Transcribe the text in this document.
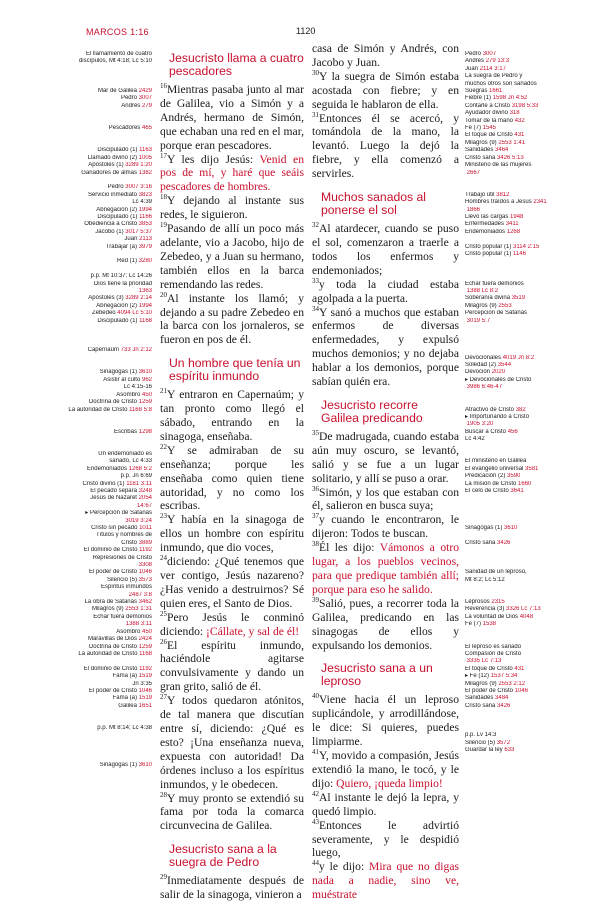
MARCOS 1:16	1120
El llamamiento de cuatro
discípulos, Mt 4:18; Lc 5:10

Mar de Galilea 2429
Pedro 3007
Andrés 279

Pescadores 465

Discipulado (1) 1163
Llamado divino (2) 1005
Apóstoles (1) 3289 1:20
Ganadores de almas 1382

Pedro 3007 3:16
Servicio inmediato 3823
Lc 4:39
Abnegación (2) 1994
Discipulado (1) 1166
Obediencia a Cristo 3853
Jacobo (1) 3017 5:37
Juan 2113
Trabajar (a) 3979

Red (1) 3280

p.p. Mt 10:37; Lc 14:26
Dios tiene la prioridad
1363
Apóstoles (3) 3289 2:14
Abnegación (2) 1994
Zebedeo 4094 Lc 5:10
Discipulado (1) 1168

Capernaúm 733 Jn 2:12

Sinagogas (1) 3610
Asistir al culto 962
Lc 4:15-16
Asombro 450
Doctrina de Cristo 1259
La autoridad de Cristo 1168 5:8

Escribas 1298

Un endemoniado es
sanado, Lc 4:33
Endemoniados 1268 5:2
p.p. Jn 6:69
Cristo divino (1) 1181 3:11
El pecado separa 3248
Jesús de Nazaret 2054
14:67
▸ Percepción de Satanás
3019 3:24
Cristo sin pecado 1011
Títulos y nombres de
Cristo 3889
El dominio de Cristo 1192
Represiones de Cristo
3308
El poder de Cristo 1046
Silencio (5) 3573
Espíritus inmundos
2487 3:8
La obra de Satanás 3462
Milagros (9) 2553 1:31
Echar fuera demonios
1388 3:11
Asombro 450
Maravillas de Dios 2424
Doctrina de Cristo 1259
La autoridad de Cristo 1168

El dominio de Cristo 1192
Fama (a) 1519
Jn 3:35
El poder de Cristo 1046
Fama (a) 1519
Galilea 1651

p.p. Mt 8:14; Lc 4:38

Sinagogas (1) 3610

Jesucristo llama a cuatro pescadores

$^{16}$Mientras pasaba junto al mar de Galilea, vio a Simón y a Andrés, hermano de Simón, que echaban una red en el mar, porque eran pescadores.

$^{17}$Y les dijo Jesús: Venid en pos de mí, y haré que seáis pescadores de hombres.

$^{18}$Y dejando al instante sus redes, le siguieron.

$^{19}$Pasando de allí un poco más adelante, vio a Jacobo, hijo de Zebedeo, y a Juan su hermano, también ellos en la barca remendando las redes.

$^{20}$Al instante los llamó; y dejando a su padre Zebedeo en la barca con los jornaleros, se fueron en pos de él.

Un hombre que tenía un espíritu inmundo

$^{21}$Y entraron en Capernaúm; y tan pronto como llegó el sábado, entrando en la sinagoga, enseñaba.

$^{22}$Y se admiraban de su enseñanza; porque les enseñaba como quien tiene autoridad, y no como los escribas.

$^{23}$Y había en la sinagoga de ellos un hombre con espíritu inmundo, que dio voces,

$^{24}$diciendo: ¿Qué tenemos que ver contigo, Jesús nazareno? ¿Has venido a destruirnos? Sé quien eres, el Santo de Dios.

$^{25}$Pero Jesús le conminó diciendo: ¡Cállate, y sal de él!

$^{26}$El espíritu inmundo, haciéndole agitarse convulsivamente y dando un gran grito, salió de él.

$^{27}$Y todos quedaron atónitos, de tal manera que discutían entre sí, diciendo: ¿Qué es esto? ¡Una enseñanza nueva, expuesta con autoridad! Da órdenes incluso a los espíritus inmundos, y le obedecen.

$^{28}$Y muy pronto se extendió su fama por toda la comarca circunvecina de Galilea.

Jesucristo sana a la suegra de Pedro

$^{29}$Inmediatamente después de salir de la sinagoga, vinieron a

casa de Simón y Andrés, con Jacobo y Juan.

$^{30}$Y la suegra de Simón estaba acostada con fiebre; y en seguida le hablaron de ella.

$^{31}$Entonces él se acercó, y tomándola de la mano, la levantó. Luego la dejó la fiebre, y ella comenzó a servirles.

Muchos sanados al ponerse el sol

$^{32}$Al atardecer, cuando se puso el sol, comenzaron a traerle a todos los enfermos y endemoniados;

$^{33}$y toda la ciudad estaba agolpada a la puerta.

$^{34}$Y sanó a muchos que estaban enfermos de diversas enfermedades, y expulsó muchos demonios; y no dejaba hablar a los demonios, porque sabían quién era.

Jesucristo recorre Galilea predicando

$^{35}$De madrugada, cuando estaba aún muy oscuro, se levantó, salió y se fue a un lugar solitario, y allí se puso a orar.

$^{36}$Simón, y los que estaban con él, salieron en busca suya;

$^{37}$y cuando le encontraron, le dijeron: Todos te buscan.

$^{38}$Él les dijo: Vámonos a otro lugar, a los pueblos vecinos, para que predique también allí; porque para eso he salido.

$^{39}$Salió, pues, a recorrer toda la Galilea, predicando en las sinagogas de ellos y expulsando los demonios.

Jesucristo sana a un leproso

$^{40}$Viene hacia él un leproso suplicándole, y arrodillándose, le dice: Si quieres, puedes limpiarme.

$^{41}$Y, movido a compasión, Jesús extendió la mano, le tocó, y le dijo: Quiero, ¡queda limpio!

$^{42}$Al instante le dejó la lepra, y quedó limpio.

$^{43}$Entonces le advirtió severamente, y le despidió luego,

$^{44}$y le dijo: Mira que no digas nada a nadie, sino ve, muéstrate

Pedro 3007
Andrés 279 13:3
Juan 2114 3:17
La suegra de Pedro y
muchos otros son sanados
Suegras 1661
Fiebre (1) 1598 Jn 4:52
Contarle a Cristo 3198 5:33
Ayudador divino 318
Tomar de la mano 432
Fe (7) 1545
El toque de Cristo 431
Milagros (9) 2553 1:41
Sanidades 3464
Cristo sana 3426 5:13
Ministerio de las mujeres
2667

Trabajo útil 3812
Hombres traídos a Jesús 2341
1866
Llevó las cargas 1948
Enfermedades 3411
Endemoniados 1268

Cristo popular (1) 3114 2:15
Cristo popular (1) 1146

Echar fuera demonios
1388 Lc 8:2
Soberanía divina 3519
Milagros (9) 2553
Percepción de Satanás
3019 5:7

Devocionales 4019 Jn 8:2
Soledad (2) 3544
Devoción 2020
▸ Devocionales de Cristo
3986 6:46-47

Atractivo de Cristo 382
▸ Importunando a Cristo
1905 3:20
Buscar a Cristo 456
Lc 4:42

El ministerio en Galilea
El evangelio universal 3581
Predicación (2) 3590
La misión de Cristo 1660
El celo de Cristo 3641

Sinagogas (1) 3610

Cristo sana 3426

Sanidad de un leproso,
Mt 8:2; Lc 5:12

Leprosos 2315
Reverencia (3) 3326 Lc 7:13
La voluntad de Dios 4048
Fe (7) 1538

El leproso es sanado
Compasión de Cristo
3335 Lc 7:13
El toque de Cristo 431
▸ Fe (12) 1537 5:34
Milagros (9) 2553 2:12
El poder de Cristo 1046
Sanidades 3484
Cristo sana 3426

p.p. Lv 14:3
Silencio (5) 3572
Guardar la ley 633
